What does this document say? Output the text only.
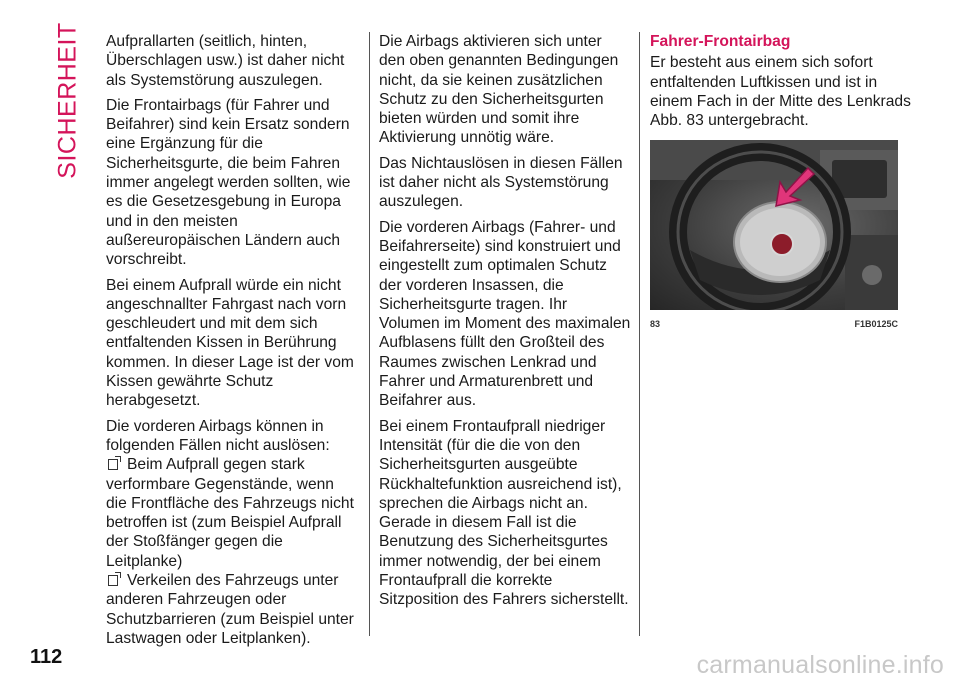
SICHERHEIT Aufprallarten (seitlich, hinten, Überschlagen usw.) ist daher nicht als Systemstörung auszulegen.

Die Frontairbags (für Fahrer und Beifahrer) sind kein Ersatz sondern eine Ergänzung für die Sicherheitsgurte, die beim Fahren immer angelegt werden sollten, wie es die Gesetzesgebung in Europa und in den meisten außereuropäischen Ländern auch vorschreibt.

Bei einem Aufprall würde ein nicht angeschnallter Fahrgast nach vorn geschleudert und mit dem sich entfaltenden Kissen in Berührung kommen. In dieser Lage ist der vom Kissen gewährte Schutz herabgesetzt.

Die vorderen Airbags können in folgenden Fällen nicht auslösen:

Beim Aufprall gegen stark verformbare Gegenstände, wenn die Frontfläche des Fahrzeugs nicht betroffen ist (zum Beispiel Aufprall der Stoßfänger gegen die Leitplanke)
Verkeilen des Fahrzeugs unter anderen Fahrzeugen oder Schutzbarrieren (zum Beispiel unter Lastwagen oder Leitplanken).

Die Airbags aktivieren sich unter den oben genannten Bedingungen nicht, da sie keinen zusätzlichen Schutz zu den Sicherheitsgurten bieten würden und somit ihre Aktivierung unnötig wäre.

Das Nichtauslösen in diesen Fällen ist daher nicht als Systemstörung auszulegen.

Die vorderen Airbags (Fahrer- und Beifahrerseite) sind konstruiert und eingestellt zum optimalen Schutz der vorderen Insassen, die Sicherheitsgurte tragen. Ihr Volumen im Moment des maximalen Aufblasens füllt den Großteil des Raumes zwischen Lenkrad und Fahrer und Armaturenbrett und Beifahrer aus.

Bei einem Frontaufprall niedriger Intensität (für die die von den Sicherheitsgurten ausgeübte Rückhaltefunktion ausreichend ist), sprechen die Airbags nicht an. Gerade in diesem Fall ist die Benutzung des Sicherheitsgurtes immer notwendig, der bei einem Frontaufprall die korrekte Sitzposition des Fahrers sicherstellt.

Fahrer-Frontairbag

Er besteht aus einem sich sofort entfaltenden Luftkissen und ist in einem Fach in der Mitte des Lenkrads Abb. 83 untergebracht.

83	F1B0125C
112	carmanualsonline.info
